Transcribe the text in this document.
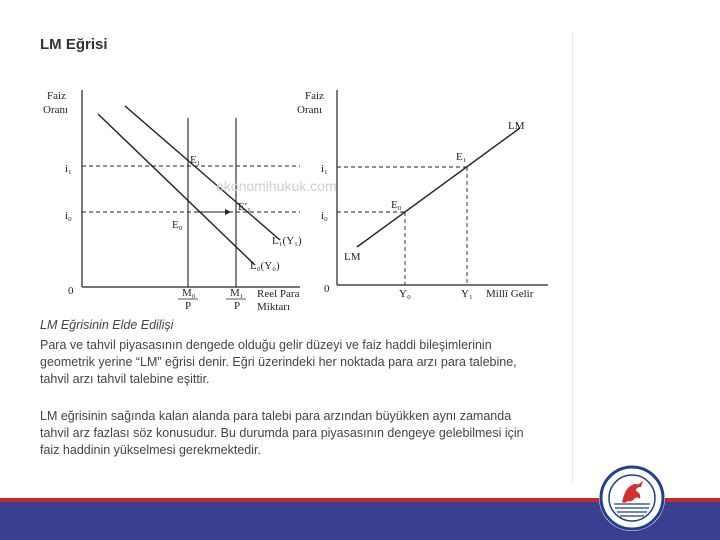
LM Eğrisi
Faiz
Oranı
i₁
i₀
0
E₁
E′₁
E₀
L₁(Y₁)
L₀(Y₀)
M₀
P
M₁
P
Reel Para
Miktarı
ekonomihukuk.com
Faiz
Oranı
i₁
i₀
0
LM
LM
E₁
E₀
Y₀	Y₁ Millî Gelir
LM Eğrisinin Elde Edilişi

Para ve tahvil piyasasının dengede olduğu gelir düzeyi ve faiz haddi bileşimlerinin geometrik yerine “LM” eğrisi denir. Eğri üzerindeki her noktada para arzı para talebine, tahvil arzı tahvil talebine eşittir.

LM eğrisinin sağında kalan alanda para talebi para arzından büyükken aynı zamanda tahvil arz fazlası söz konusudur. Bu durumda para piyasasının dengeye gelebilmesi için faiz haddinin yükselmesi gerekmektedir.
